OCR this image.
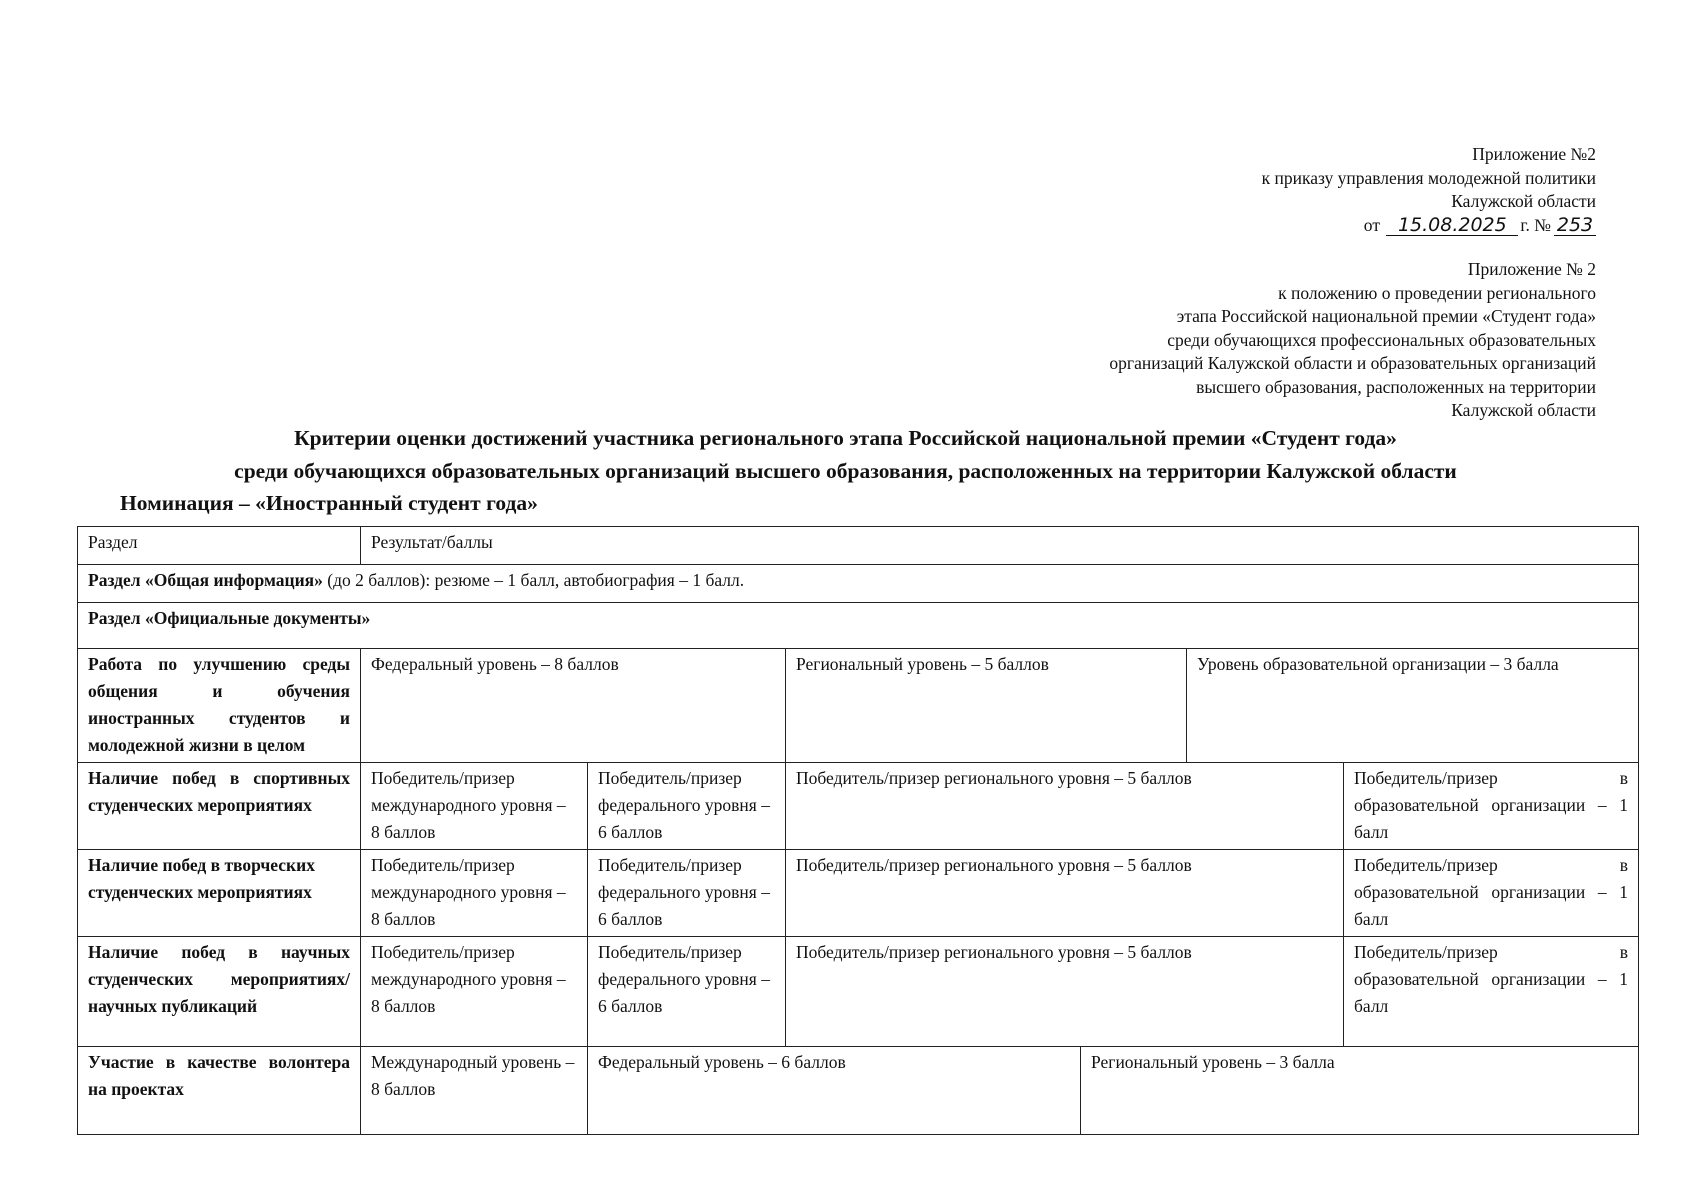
Приложение №2
к приказу управления молодежной политики
Калужской области
от 15.08.2025 г. № 253
Приложение № 2
к положению о проведении регионального
этапа Российской национальной премии «Студент года»
среди обучающихся профессиональных образовательных
организаций Калужской области и образовательных организаций
высшего образования, расположенных на территории
Калужской области
Критерии оценки достижений участника регионального этапа Российской национальной премии «Студент года»
среди обучающихся образовательных организаций высшего образования, расположенных на территории Калужской области
Номинация – «Иностранный студент года»
Раздел	Результат/баллы					
Раздел «Общая информация» (до 2 баллов): резюме – 1 балл, автобиография – 1 балл.						
Раздел «Официальные документы»						
Работа по улучшению среды общения и обучения иностранных студентов и молодежной жизни в целом	Федеральный уровень – 8 баллов		Региональный уровень – 5 баллов		Уровень образовательной организации – 3 балла	
Наличие побед в спортивных студенческих мероприятиях	Победитель/призер международного уровня – 8 баллов	Победитель/призер федерального уровня – 6 баллов	Победитель/призер регионального уровня – 5 баллов			Победитель/призер в образовательной организации – 1 балл
Наличие побед в творческих студенческих мероприятиях	Победитель/призер международного уровня – 8 баллов	Победитель/призер федерального уровня – 6 баллов	Победитель/призер регионального уровня – 5 баллов			Победитель/призер в образовательной организации – 1 балл
Наличие побед в научных студенческих мероприятиях/научных публикаций	Победитель/призер международного уровня – 8 баллов	Победитель/призер федерального уровня – 6 баллов	Победитель/призер регионального уровня – 5 баллов			Победитель/призер в образовательной организации – 1 балл
Участие в качестве волонтера на проектах	Международный уровень – 8 баллов	Федеральный уровень – 6 баллов		Региональный уровень – 3 балла		
